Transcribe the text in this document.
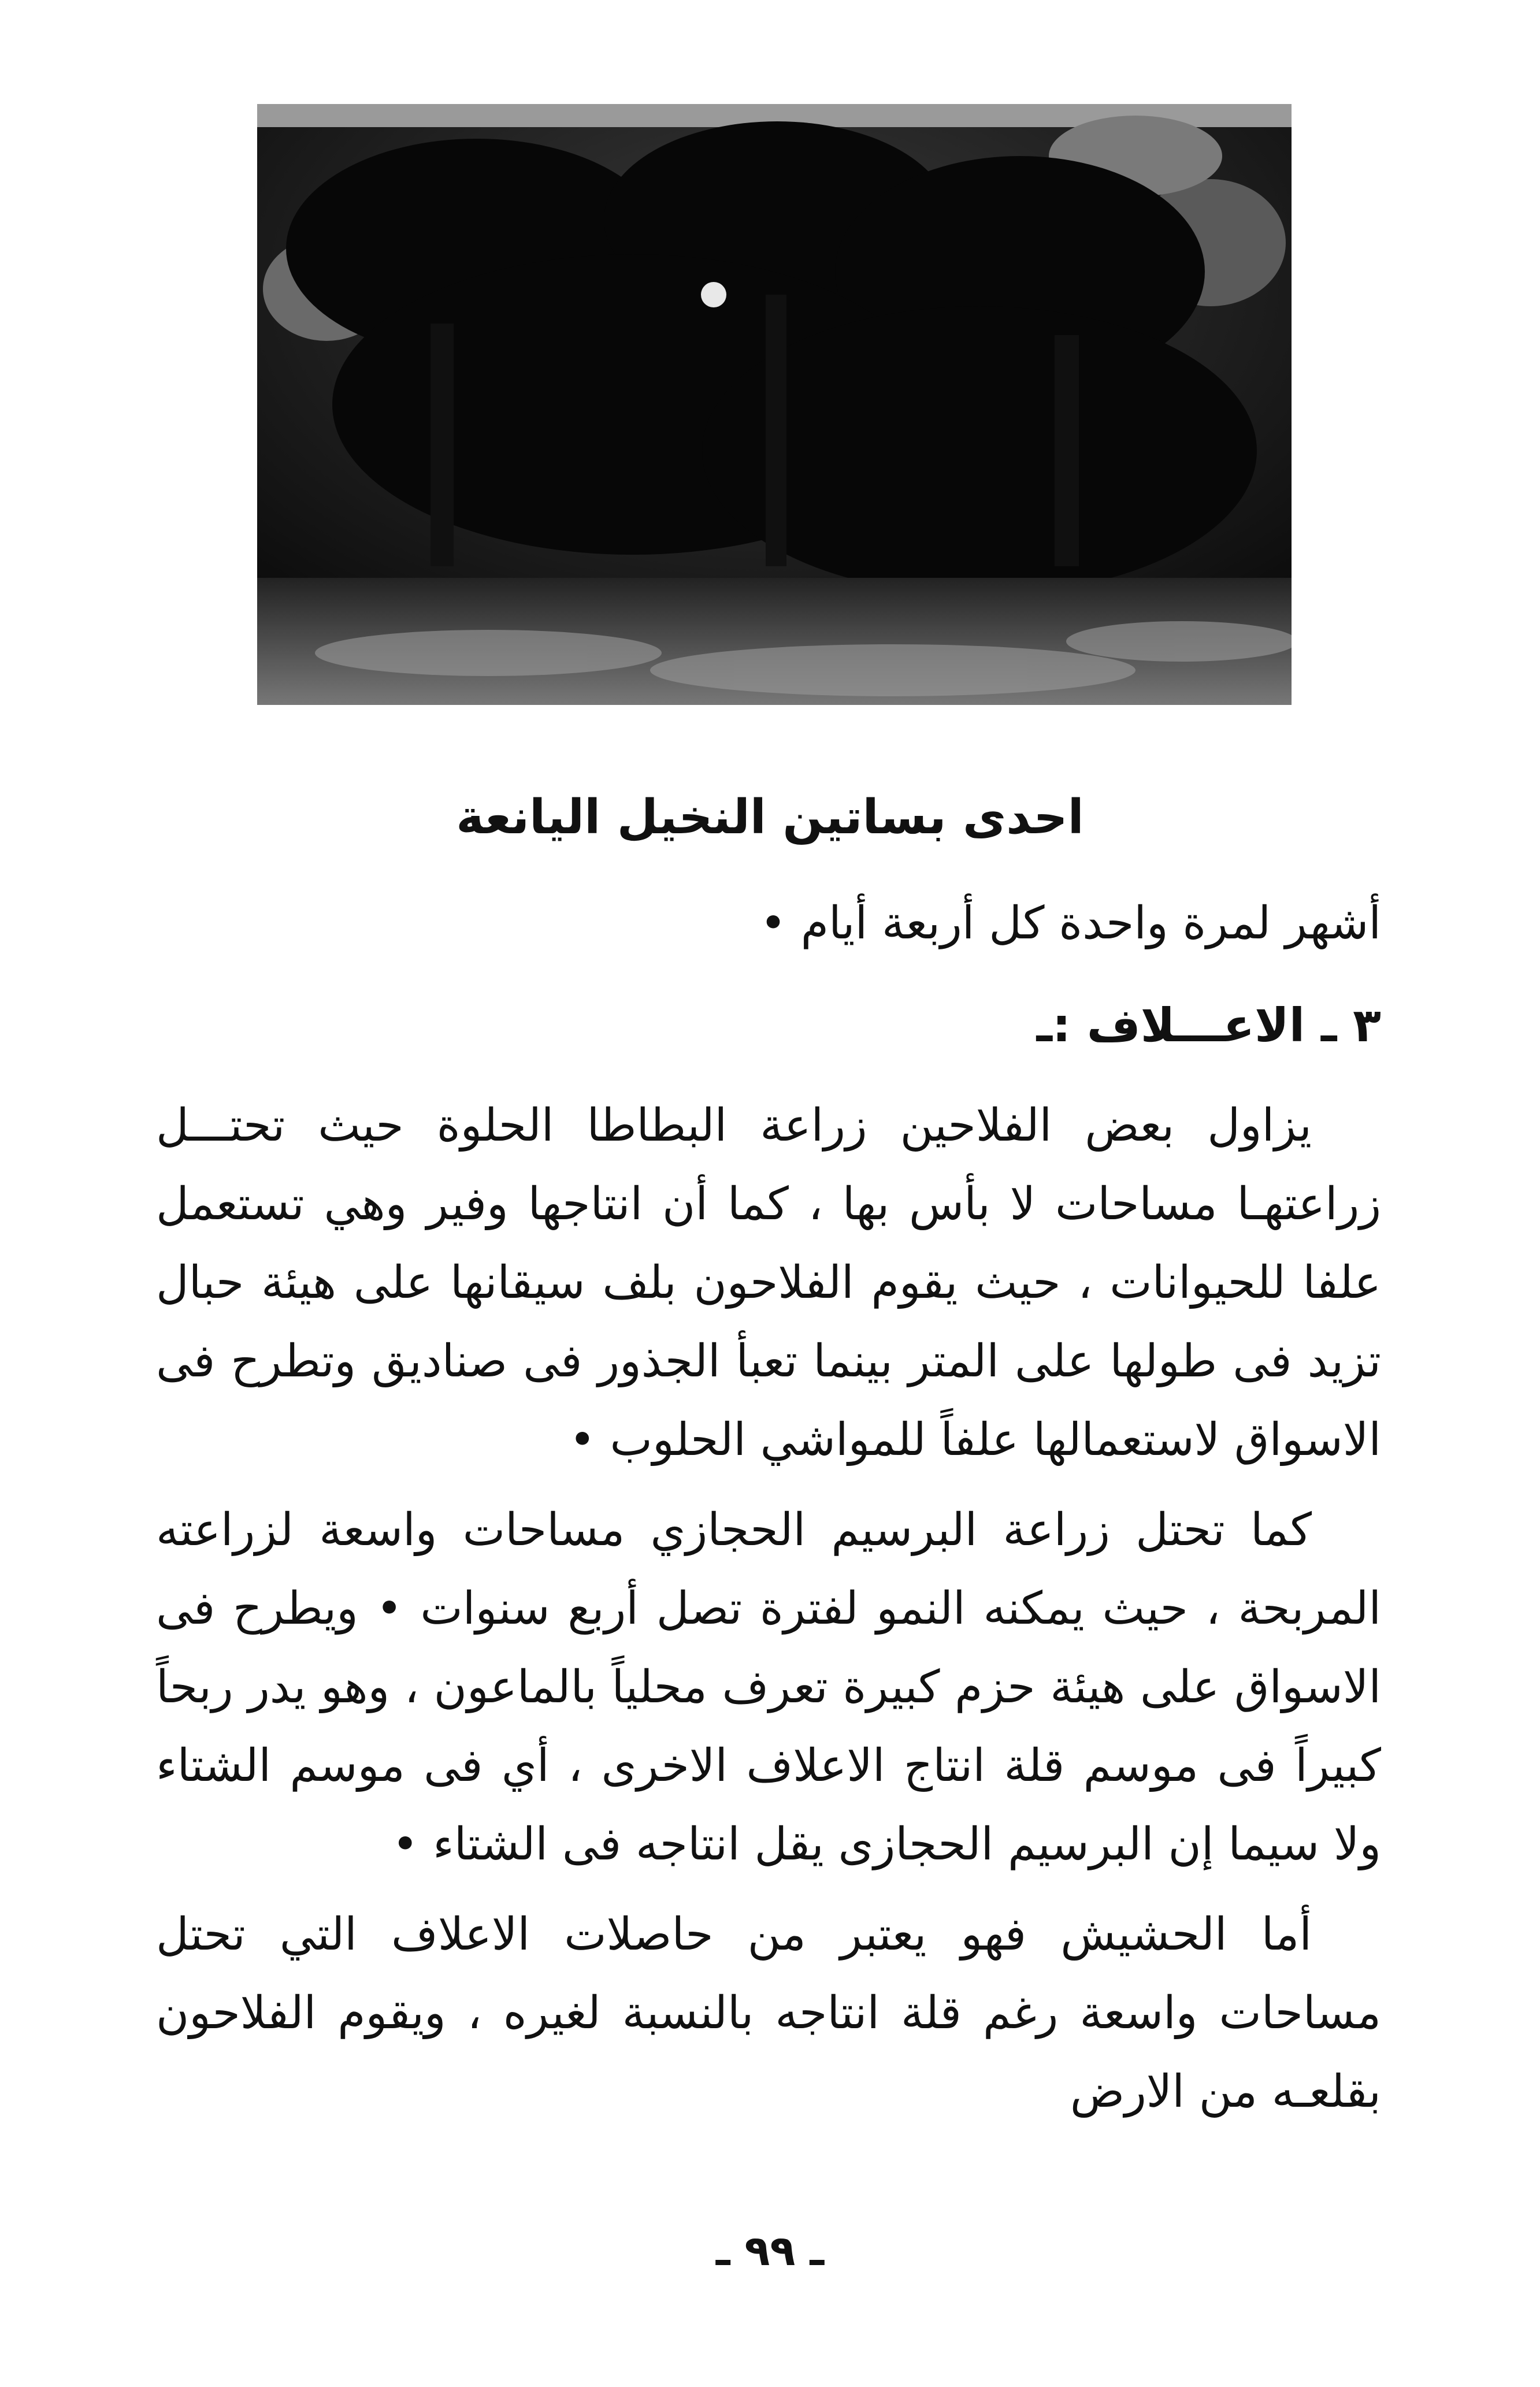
احدى بساتين النخيل اليانعة

أشهر لمرة واحدة كل أربعة أيام •

٣ ـ الاعـــلاف :ـ

يزاول بعض الفلاحين زراعة البطاطا الحلوة حيث تحتـــل زراعتهـا مساحات لا بأس بها ، كما أن انتاجها وفير وهي تستعمل علفا للحيوانات ، حيث يقوم الفلاحون بلف سيقانها على هيئة حبال تزيد فى طولها على المتر بينما تعبأ الجذور فى صناديق وتطرح فى الاسواق لاستعمالها علفاً للمواشي الحلوب •

كما تحتل زراعة البرسيم الحجازي مساحات واسعة لزراعته المربحة ، حيث يمكنه النمو لفترة تصل أربع سنوات • ويطرح فى الاسواق على هيئة حزم كبيرة تعرف محلياً بالماعون ، وهو يدر ربحاً كبيراً فى موسم قلة انتاج الاعلاف الاخرى ، أي فى موسم الشتاء ولا سيما إن البرسيم الحجازى يقل انتاجه فى الشتاء •

أما الحشيش فهو يعتبر من حاصلات الاعلاف التي تحتل مساحات واسعة رغم قلة انتاجه بالنسبة لغيره ، ويقوم الفلاحون بقلعـه من الارض

ـ ٩٩ ـ
